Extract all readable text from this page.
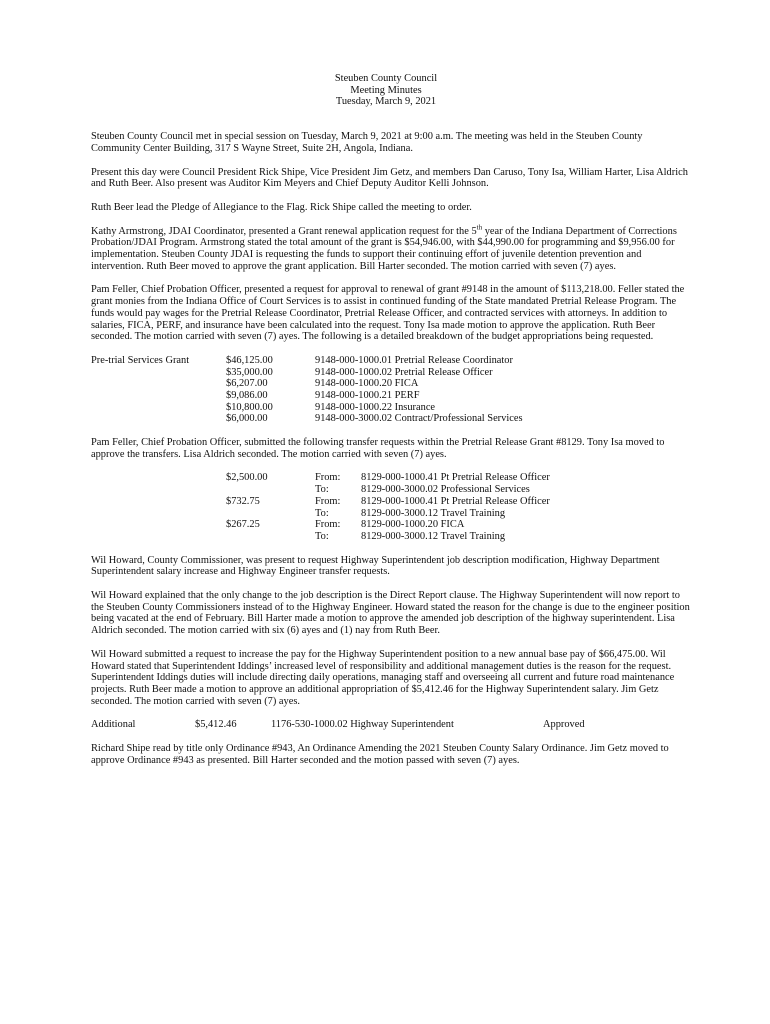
Steuben County Council
Meeting Minutes
Tuesday, March 9, 2021

Steuben County Council met in special session on Tuesday, March 9, 2021 at 9:00 a.m. The meeting was held in the Steuben County Community Center Building, 317 S Wayne Street, Suite 2H, Angola, Indiana.

Present this day were Council President Rick Shipe, Vice President Jim Getz, and members Dan Caruso, Tony Isa, William Harter, Lisa Aldrich and Ruth Beer. Also present was Auditor Kim Meyers and Chief Deputy Auditor Kelli Johnson.

Ruth Beer lead the Pledge of Allegiance to the Flag. Rick Shipe called the meeting to order.

Kathy Armstrong, JDAI Coordinator, presented a Grant renewal application request for the 5th year of the Indiana Department of Corrections Probation/JDAI Program. Armstrong stated the total amount of the grant is $54,946.00, with $44,990.00 for programming and $9,956.00 for implementation. Steuben County JDAI is requesting the funds to support their continuing effort of juvenile detention prevention and intervention. Ruth Beer moved to approve the grant application. Bill Harter seconded. The motion carried with seven (7) ayes.

Pam Feller, Chief Probation Officer, presented a request for approval to renewal of grant #9148 in the amount of $113,218.00. Feller stated the grant monies from the Indiana Office of Court Services is to assist in continued funding of the State mandated Pretrial Release Program. The funds would pay wages for the Pretrial Release Coordinator, Pretrial Release Officer, and contracted services with attorneys. In addition to salaries, FICA, PERF, and insurance have been calculated into the request. Tony Isa made motion to approve the application. Ruth Beer seconded. The motion carried with seven (7) ayes. The following is a detailed breakdown of the budget appropriations being requested.

Pre-trial Services Grant	$46,125.00	9148-000-1000.01 Pretrial Release Coordinator
$35,000.00	9148-000-1000.02 Pretrial Release Officer
$6,207.00	9148-000-1000.20 FICA
$9,086.00	9148-000-1000.21 PERF
$10,800.00	9148-000-1000.22 Insurance
$6,000.00	9148-000-3000.02 Contract/Professional Services

Pam Feller, Chief Probation Officer, submitted the following transfer requests within the Pretrial Release Grant #8129. Tony Isa moved to approve the transfers. Lisa Aldrich seconded. The motion carried with seven (7) ayes.

$2,500.00	From: 8129-000-1000.41 Pt Pretrial Release Officer
To:	8129-000-3000.02 Professional Services
$732.75	From: 8129-000-1000.41 Pt Pretrial Release Officer
To:	8129-000-3000.12 Travel Training
$267.25	From: 8129-000-1000.20 FICA
To:	8129-000-3000.12 Travel Training

Wil Howard, County Commissioner, was present to request Highway Superintendent job description modification, Highway Department Superintendent salary increase and Highway Engineer transfer requests.

Wil Howard explained that the only change to the job description is the Direct Report clause. The Highway Superintendent will now report to the Steuben County Commissioners instead of to the Highway Engineer. Howard stated the reason for the change is due to the engineer position being vacated at the end of February. Bill Harter made a motion to approve the amended job description of the highway superintendent. Lisa Aldrich seconded. The motion carried with six (6) ayes and (1) nay from Ruth Beer.

Wil Howard submitted a request to increase the pay for the Highway Superintendent position to a new annual base pay of $66,475.00. Wil Howard stated that Superintendent Iddings’ increased level of responsibility and additional management duties is the reason for the request. Superintendent Iddings duties will include directing daily operations, managing staff and overseeing all current and future road maintenance projects. Ruth Beer made a motion to approve an additional appropriation of $5,412.46 for the Highway Superintendent salary. Jim Getz seconded. The motion carried with seven (7) ayes.

Additional	$5,412.46	1176-530-1000.02 Highway Superintendent	Approved

Richard Shipe read by title only Ordinance #943, An Ordinance Amending the 2021 Steuben County Salary Ordinance. Jim Getz moved to approve Ordinance #943 as presented. Bill Harter seconded and the motion passed with seven (7) ayes.
